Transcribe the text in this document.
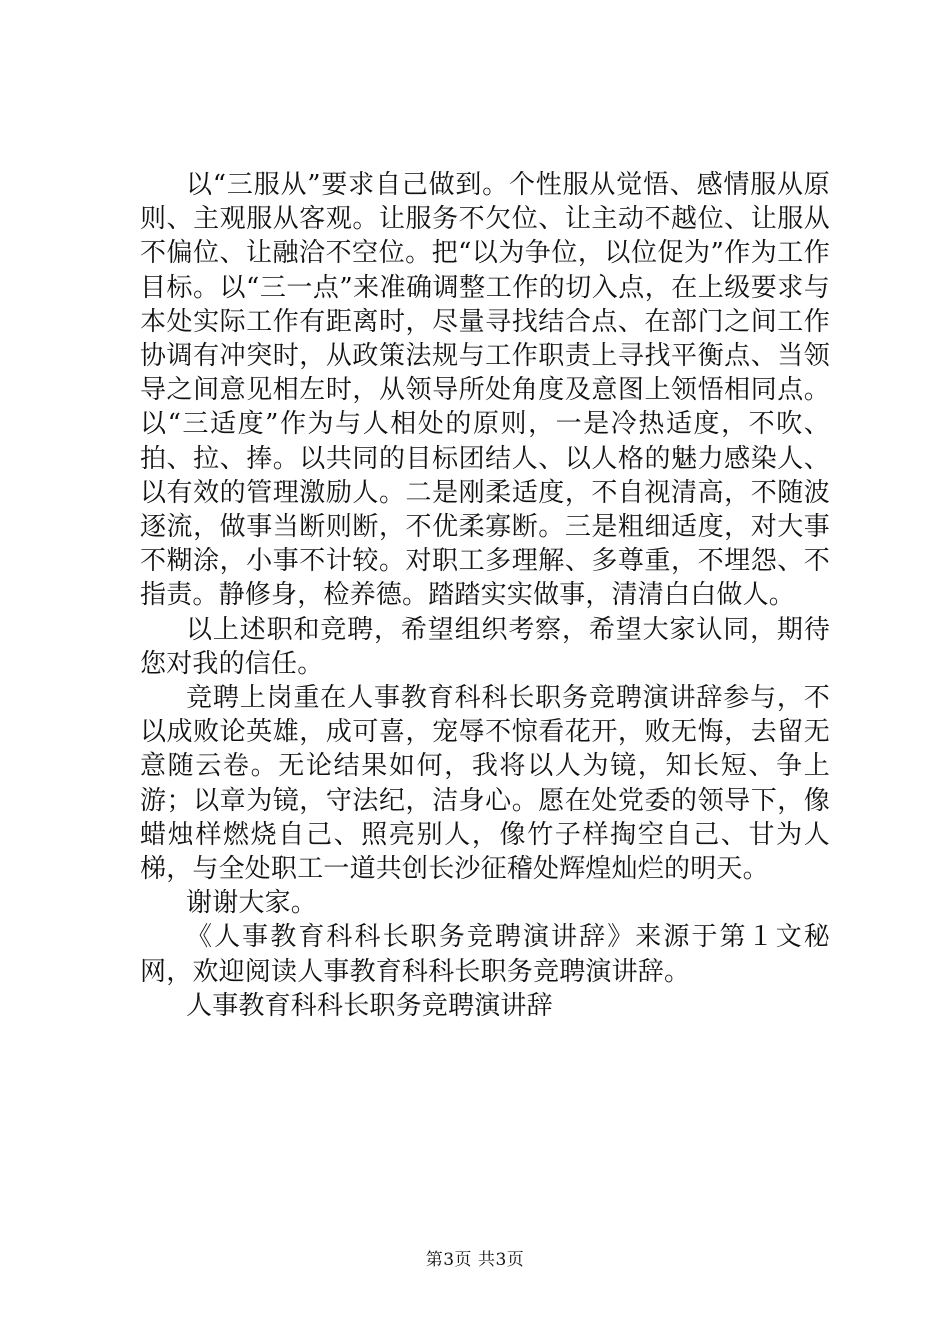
以“三服从”要求自己做到。个性服从觉悟、感情服从原则、主观服从客观。让服务不欠位、让主动不越位、让服从不偏位、让融洽不空位。把“以为争位，以位促为”作为工作目标。以“三一点”来准确调整工作的切入点，在上级要求与本处实际工作有距离时，尽量寻找结合点、在部门之间工作协调有冲突时，从政策法规与工作职责上寻找平衡点、当领导之间意见相左时，从领导所处角度及意图上领悟相同点。以“三适度”作为与人相处的原则，一是冷热适度，不吹、拍、拉、捧。以共同的目标团结人、以人格的魅力感染人、以有效的管理激励人。二是刚柔适度，不自视清高，不随波逐流，做事当断则断，不优柔寡断。三是粗细适度，对大事不糊涂，小事不计较。对职工多理解、多尊重，不埋怨、不指责。静修身，检养德。踏踏实实做事，清清白白做人。

以上述职和竞聘，希望组织考察，希望大家认同，期待您对我的信任。

竞聘上岗重在人事教育科科长职务竞聘演讲辞参与，不以成败论英雄，成可喜，宠辱不惊看花开，败无悔，去留无意随云卷。无论结果如何，我将以人为镜，知长短、争上游；以章为镜，守法纪，洁身心。愿在处党委的领导下，像蜡烛样燃烧自己、照亮别人，像竹子样掏空自己、甘为人梯，与全处职工一道共创长沙征稽处辉煌灿烂的明天。

谢谢大家。

《人事教育科科长职务竞聘演讲辞》来源于第１文秘网，欢迎阅读人事教育科科长职务竞聘演讲辞。

人事教育科科长职务竞聘演讲辞

第3页 共3页
